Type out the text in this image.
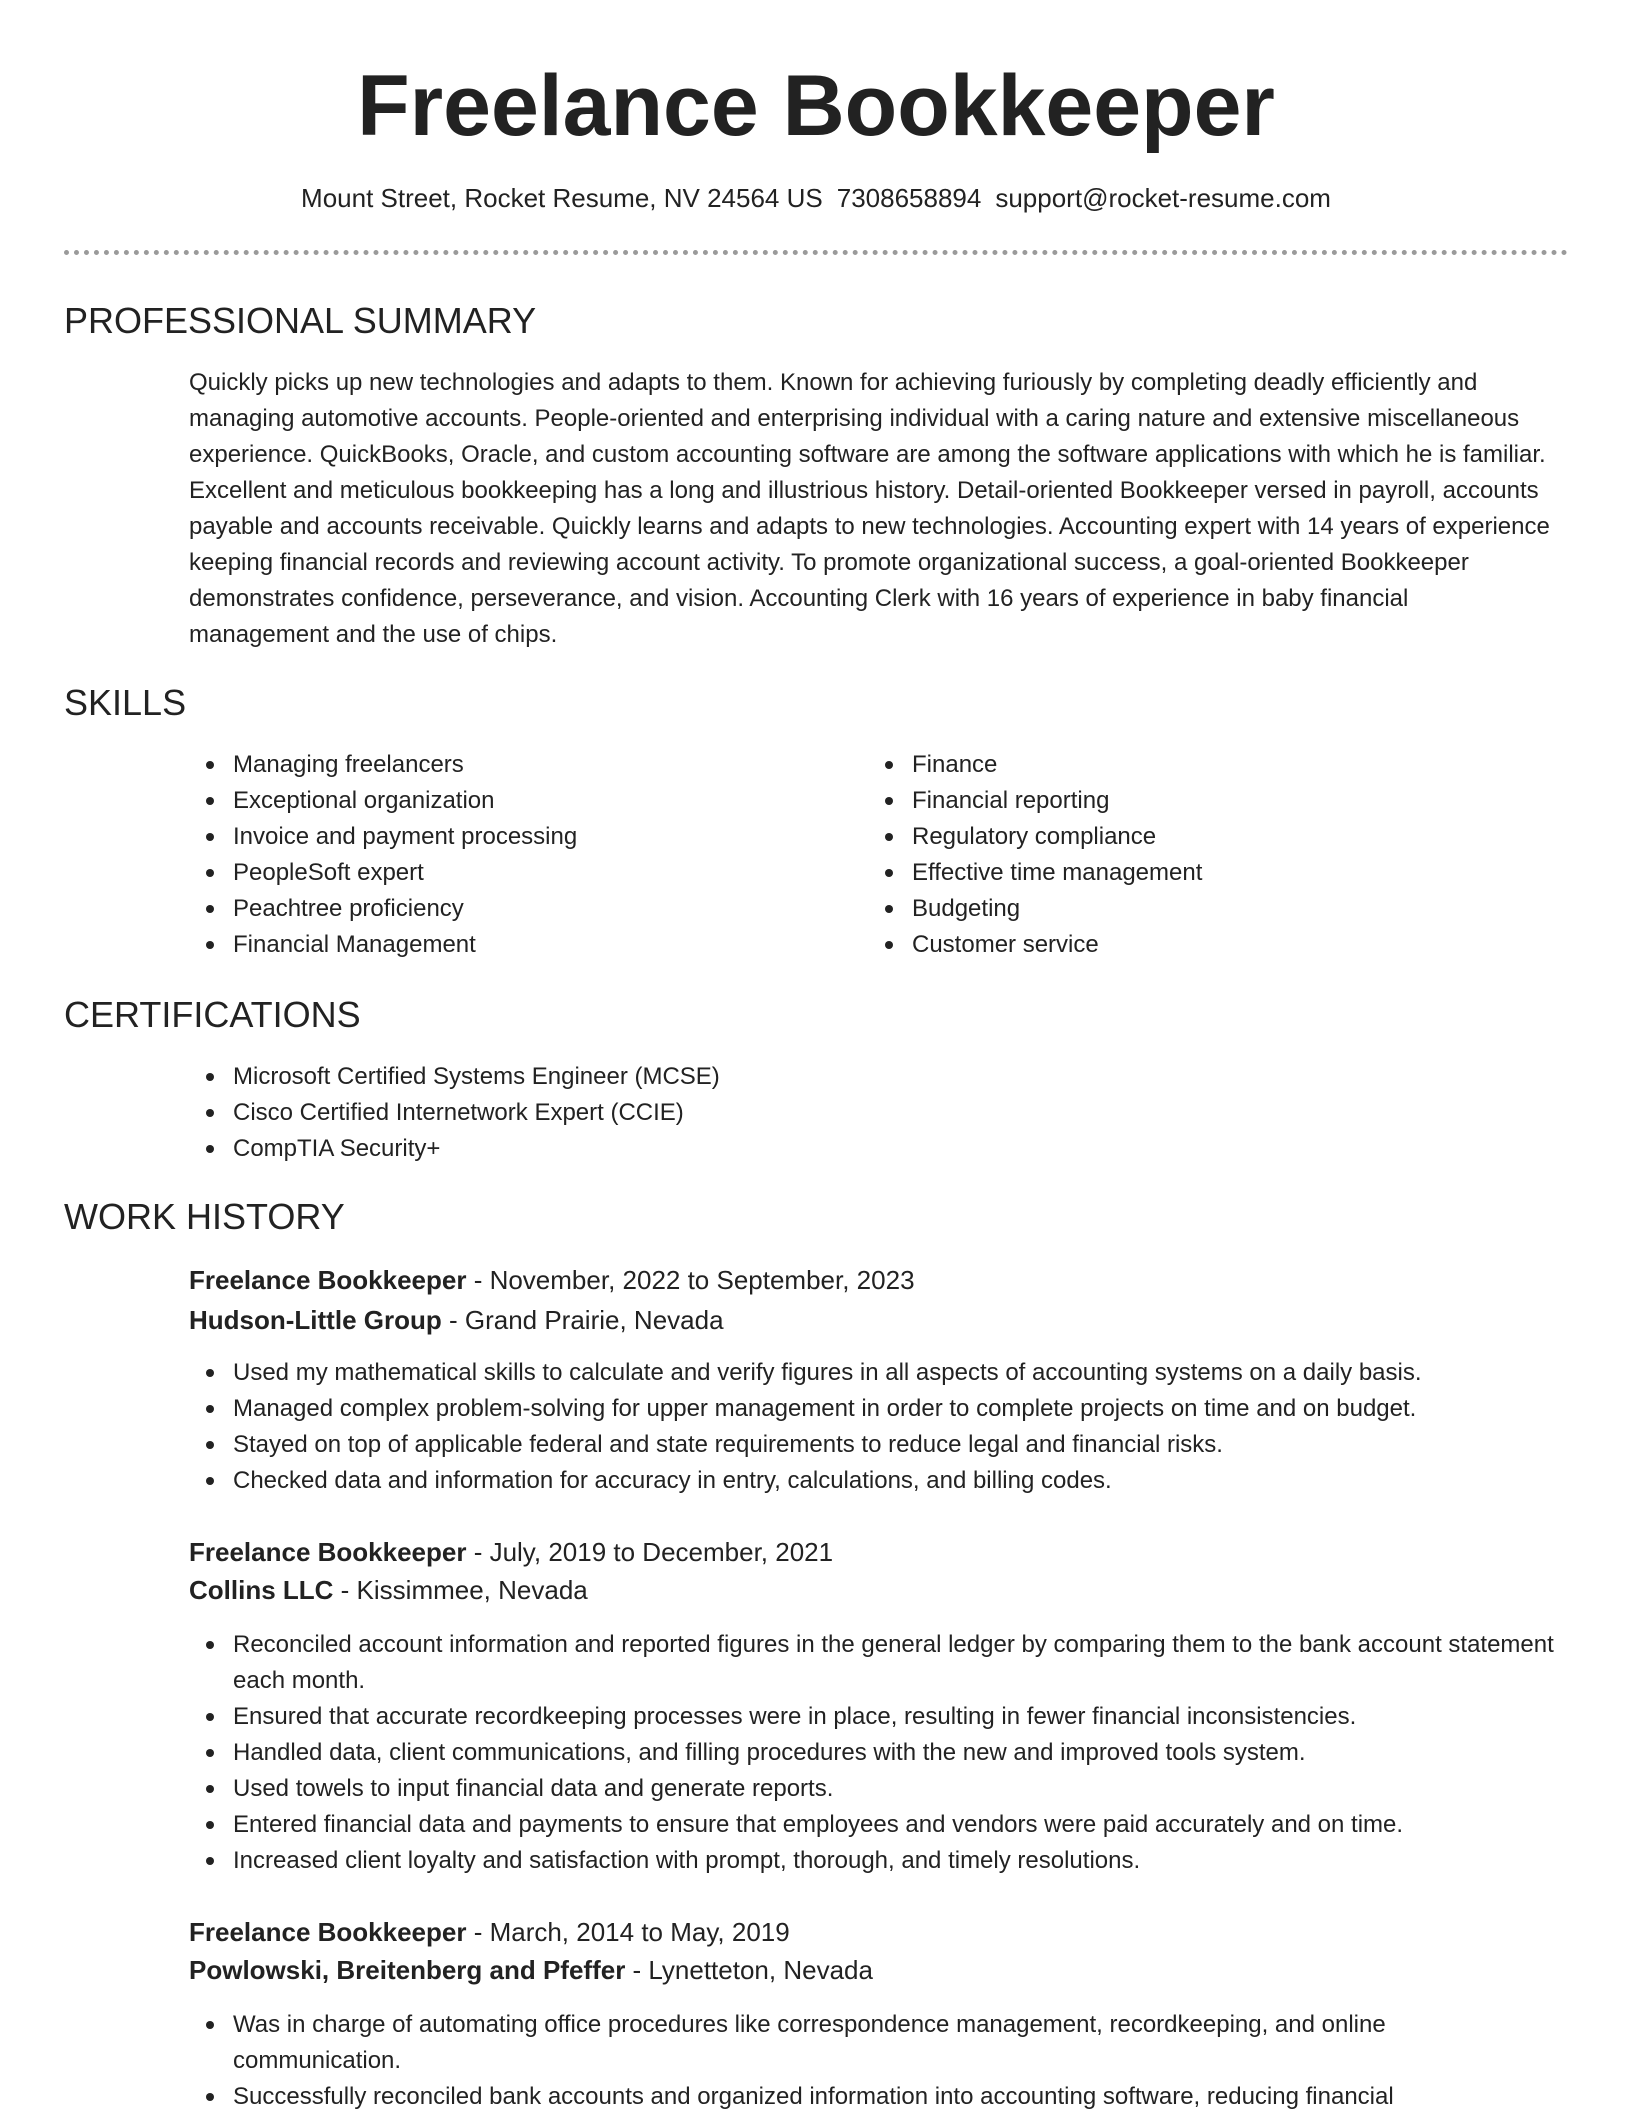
Freelance Bookkeeper
Mount Street, Rocket Resume, NV 24564 US 7308658894 support@rocket-resume.com
PROFESSIONAL SUMMARY

Quickly picks up new technologies and adapts to them. Known for achieving furiously by completing deadly efficiently and managing automotive accounts. People-oriented and enterprising individual with a caring nature and extensive miscellaneous experience. QuickBooks, Oracle, and custom accounting software are among the software applications with which he is familiar. Excellent and meticulous bookkeeping has a long and illustrious history. Detail-oriented Bookkeeper versed in payroll, accounts payable and accounts receivable. Quickly learns and adapts to new technologies. Accounting expert with 14 years of experience keeping financial records and reviewing account activity. To promote organizational success, a goal-oriented Bookkeeper demonstrates confidence, perseverance, and vision. Accounting Clerk with 16 years of experience in baby financial management and the use of chips.

SKILLS
Managing freelancers
Exceptional organization
Invoice and payment processing
PeopleSoft expert
Peachtree proficiency
Financial Management
Finance
Financial reporting
Regulatory compliance
Effective time management
Budgeting
Customer service
CERTIFICATIONS
Microsoft Certified Systems Engineer (MCSE)
Cisco Certified Internetwork Expert (CCIE)
CompTIA Security+
WORK HISTORY
Freelance Bookkeeper - November, 2022 to September, 2023
Hudson-Little Group - Grand Prairie, Nevada
Used my mathematical skills to calculate and verify figures in all aspects of accounting systems on a daily basis.
Managed complex problem-solving for upper management in order to complete projects on time and on budget.
Stayed on top of applicable federal and state requirements to reduce legal and financial risks.
Checked data and information for accuracy in entry, calculations, and billing codes.
Freelance Bookkeeper - July, 2019 to December, 2021
Collins LLC - Kissimmee, Nevada
Reconciled account information and reported figures in the general ledger by comparing them to the bank account statement each month.
Ensured that accurate recordkeeping processes were in place, resulting in fewer financial inconsistencies.
Handled data, client communications, and filling procedures with the new and improved tools system.
Used towels to input financial data and generate reports.
Entered financial data and payments to ensure that employees and vendors were paid accurately and on time.
Increased client loyalty and satisfaction with prompt, thorough, and timely resolutions.
Freelance Bookkeeper - March, 2014 to May, 2019
Powlowski, Breitenberg and Pfeffer - Lynetteton, Nevada
Was in charge of automating office procedures like correspondence management, recordkeeping, and online communication.
Successfully reconciled bank accounts and organized information into accounting software, reducing financial
